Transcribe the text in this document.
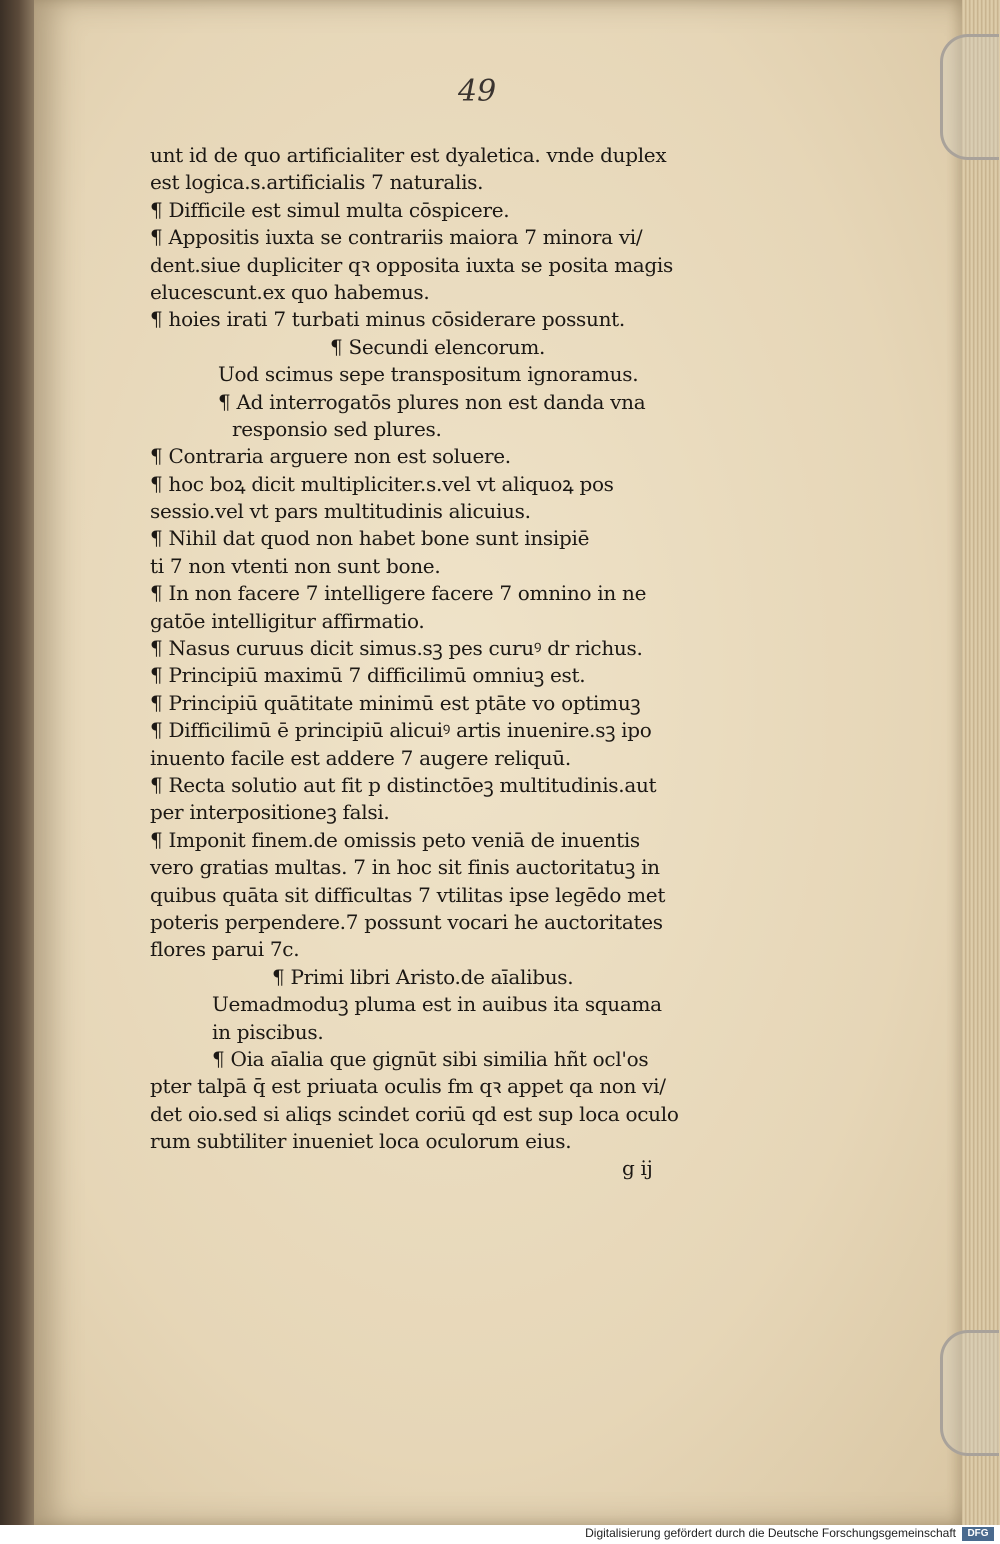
49
unt id de quo artificialiter est dyaletica. vnde duplex
est logica.s.artificialis 7 naturalis.
¶ Difficile est simul multa cōspicere.
¶ Appositis iuxta se contrariis maiora 7 minora vi/
dent.siue dupliciter qꝛ opposita iuxta se posita magis
elucescunt.ex quo habemus.
¶ hoies irati 7 turbati minus cōsiderare possunt.
¶ Secundi elencorum.
Uod scimus sepe transpositum ignoramus.
¶ Ad interrogatōs plures non est danda vna
responsio sed plures.
¶ Contraria arguere non est soluere.
¶ hoc boꝝ dicit multipliciter.s.vel vt aliquoꝝ pos
sessio.vel vt pars multitudinis alicuius.
¶ Nihil dat quod non habet bone sunt insipiē
ti 7 non vtenti non sunt bone.
¶ In non facere 7 intelligere facere 7 omnino in ne
gatōe intelligitur affirmatio.
¶ Nasus curuus dicit simus.sꝫ pes curuꝰ dr richus.
¶ Principiū maximū 7 difficilimū omniuꝫ est.
¶ Principiū quātitate minimū est ptāte vo optimuꝫ
¶ Difficilimū ē principiū alicuiꝰ artis inuenire.sꝫ ipo
inuento facile est addere 7 augere reliquū.
¶ Recta solutio aut fit p distinctōeꝫ multitudinis.aut
per interpositioneꝫ falsi.
¶ Imponit finem.de omissis peto veniā de inuentis
vero gratias multas. 7 in hoc sit finis auctoritatuꝫ in
quibus quāta sit difficultas 7 vtilitas ipse legēdo met
poteris perpendere.7 possunt vocari he auctoritates
flores parui 7c.
¶ Primi libri Aristo.de aīalibus.
Uemadmoduꝫ pluma est in auibus ita squama
in piscibus.
¶ Oia aīalia que gignūt sibi similia hñt ocl'os
pter talpā q̄ est priuata oculis fm qꝛ appet qa non vi/
det oio.sed si aliqs scindet coriū qd est sup loca oculo
rum subtiliter inueniet loca oculorum eius.
g ij
Digitalisierung gefördert durch die Deutsche Forschungsgemeinschaft	DFG
